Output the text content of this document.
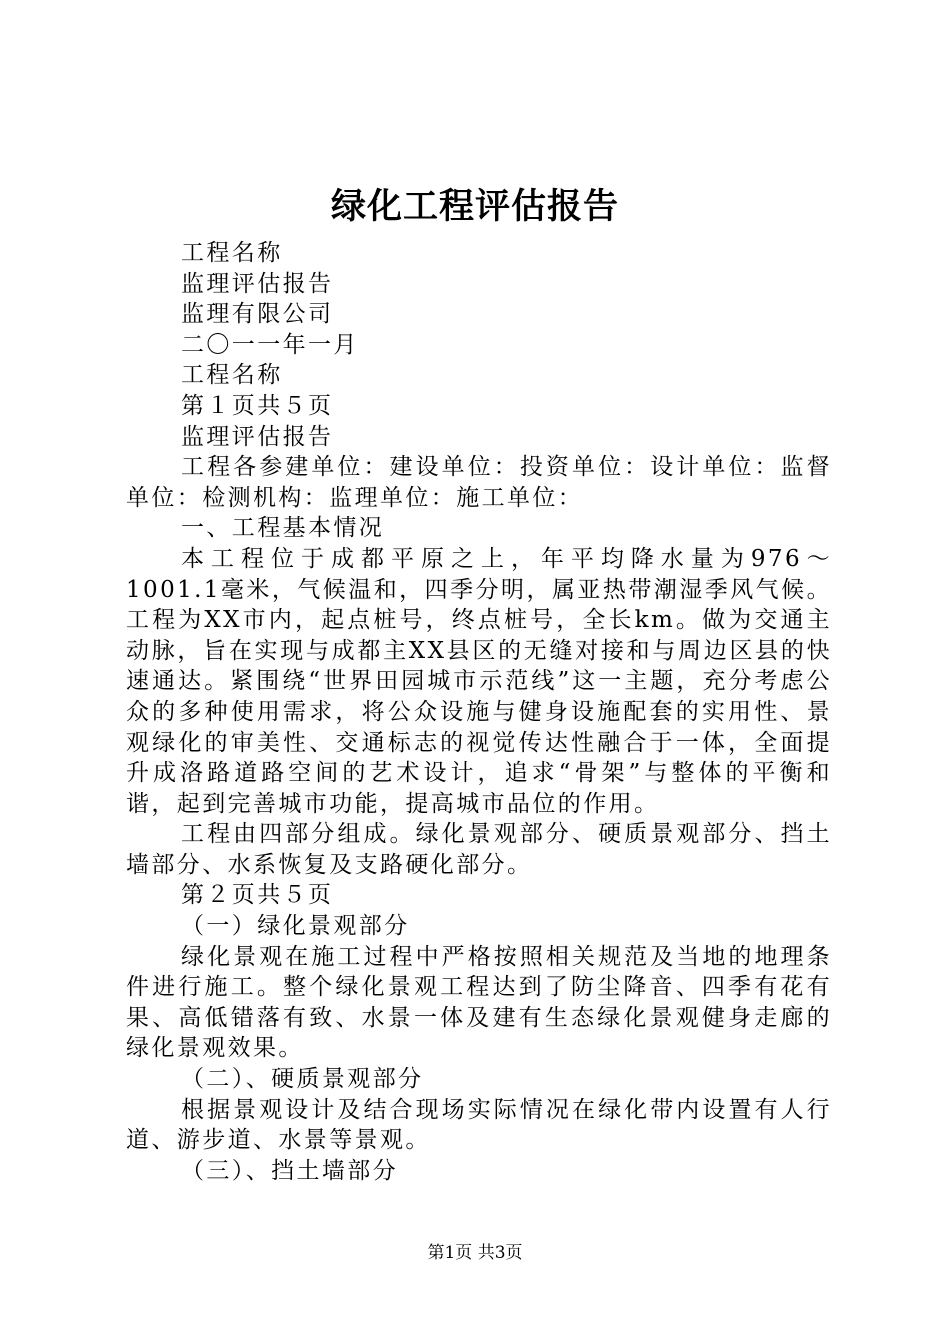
绿化工程评估报告

工程名称

监理评估报告

监理有限公司

二〇一一年一月

工程名称

第１页共５页

监理评估报告

工程各参建单位：建设单位：投资单位：设计单位：监督单位：检测机构：监理单位：施工单位：

一、工程基本情况

本工程位于成都平原之上，年平均降水量为976～1001.1毫米，气候温和，四季分明，属亚热带潮湿季风气候。工程为XX市内，起点桩号，终点桩号，全长km。做为交通主动脉，旨在实现与成都主XX县区的无缝对接和与周边区县的快速通达。紧围绕“世界田园城市示范线”这一主题，充分考虑公众的多种使用需求，将公众设施与健身设施配套的实用性、景观绿化的审美性、交通标志的视觉传达性融合于一体，全面提升成洛路道路空间的艺术设计，追求“骨架”与整体的平衡和谐，起到完善城市功能，提高城市品位的作用。

工程由四部分组成。绿化景观部分、硬质景观部分、挡土墙部分、水系恢复及支路硬化部分。

第２页共５页

（一）绿化景观部分

绿化景观在施工过程中严格按照相关规范及当地的地理条件进行施工。整个绿化景观工程达到了防尘降音、四季有花有果、高低错落有致、水景一体及建有生态绿化景观健身走廊的绿化景观效果。

（二）、硬质景观部分

根据景观设计及结合现场实际情况在绿化带内设置有人行道、游步道、水景等景观。

（三）、挡土墙部分

第1页 共3页
